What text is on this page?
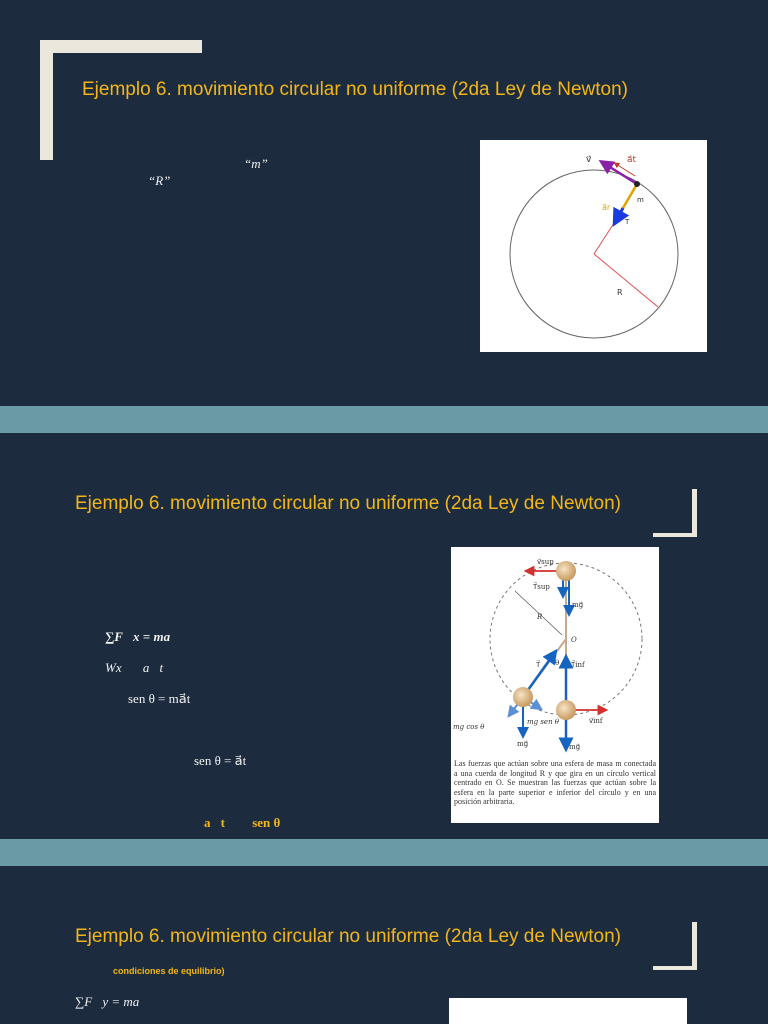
Ejemplo 6. movimiento circular no uniforme (2da Ley de Newton)
“m”
“R”
v⃗	a⃗t
a⃗r
m
T
R
Ejemplo 6. movimiento circular no uniforme (2da Ley de Newton)
∑F⃗x = ma⃗
Wx a⃗t
sen θ = ma⃗t
sen θ = a⃗t
a⃗t sen θ
v⃗sup
T⃗sup
mg⃗
R
O
T⃗ θ T⃗inf
mg cos θ
mg sen θ	v⃗inf
mg⃗	mg⃗
Las fuerzas que actúan sobre una esfera de masa m conectada a una cuerda de longitud R y que gira en un círculo vertical centrado en O. Se muestran las fuerzas que actúan sobre la esfera en la parte superior e inferior del círculo y en una posición arbitraria.
Ejemplo 6. movimiento circular no uniforme (2da Ley de Newton)
condiciones de equilibrio)
∑F⃗y = ma⃗
